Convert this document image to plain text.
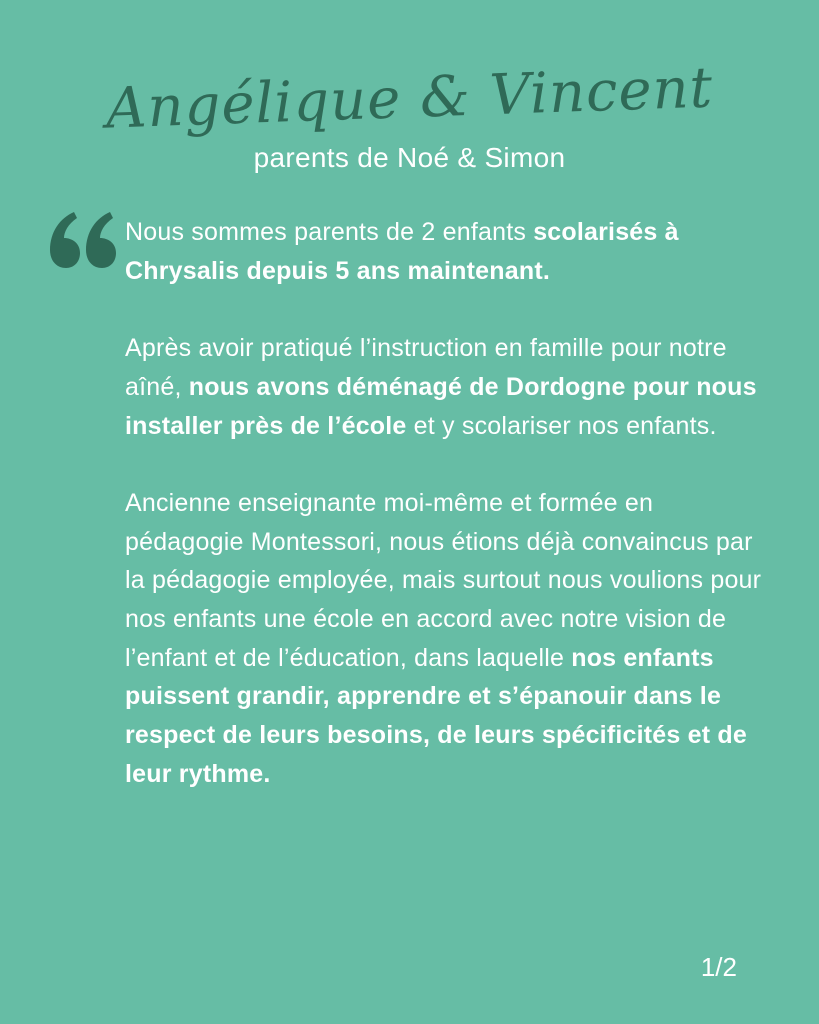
Angélique & Vincent
parents de Noé & Simon

Nous sommes parents de 2 enfants scolarisés à Chrysalis depuis 5 ans maintenant.

Après avoir pratiqué l’instruction en famille pour notre aîné, nous avons déménagé de Dordogne pour nous installer près de l’école et y scolariser nos enfants.

Ancienne enseignante moi-même et formée en pédagogie Montessori, nous étions déjà convaincus par la pédagogie employée, mais surtout nous voulions pour nos enfants une école en accord avec notre vision de l’enfant et de l’éducation, dans laquelle nos enfants puissent grandir, apprendre et s’épanouir dans le respect de leurs besoins, de leurs spécificités et de leur rythme.

1/2
